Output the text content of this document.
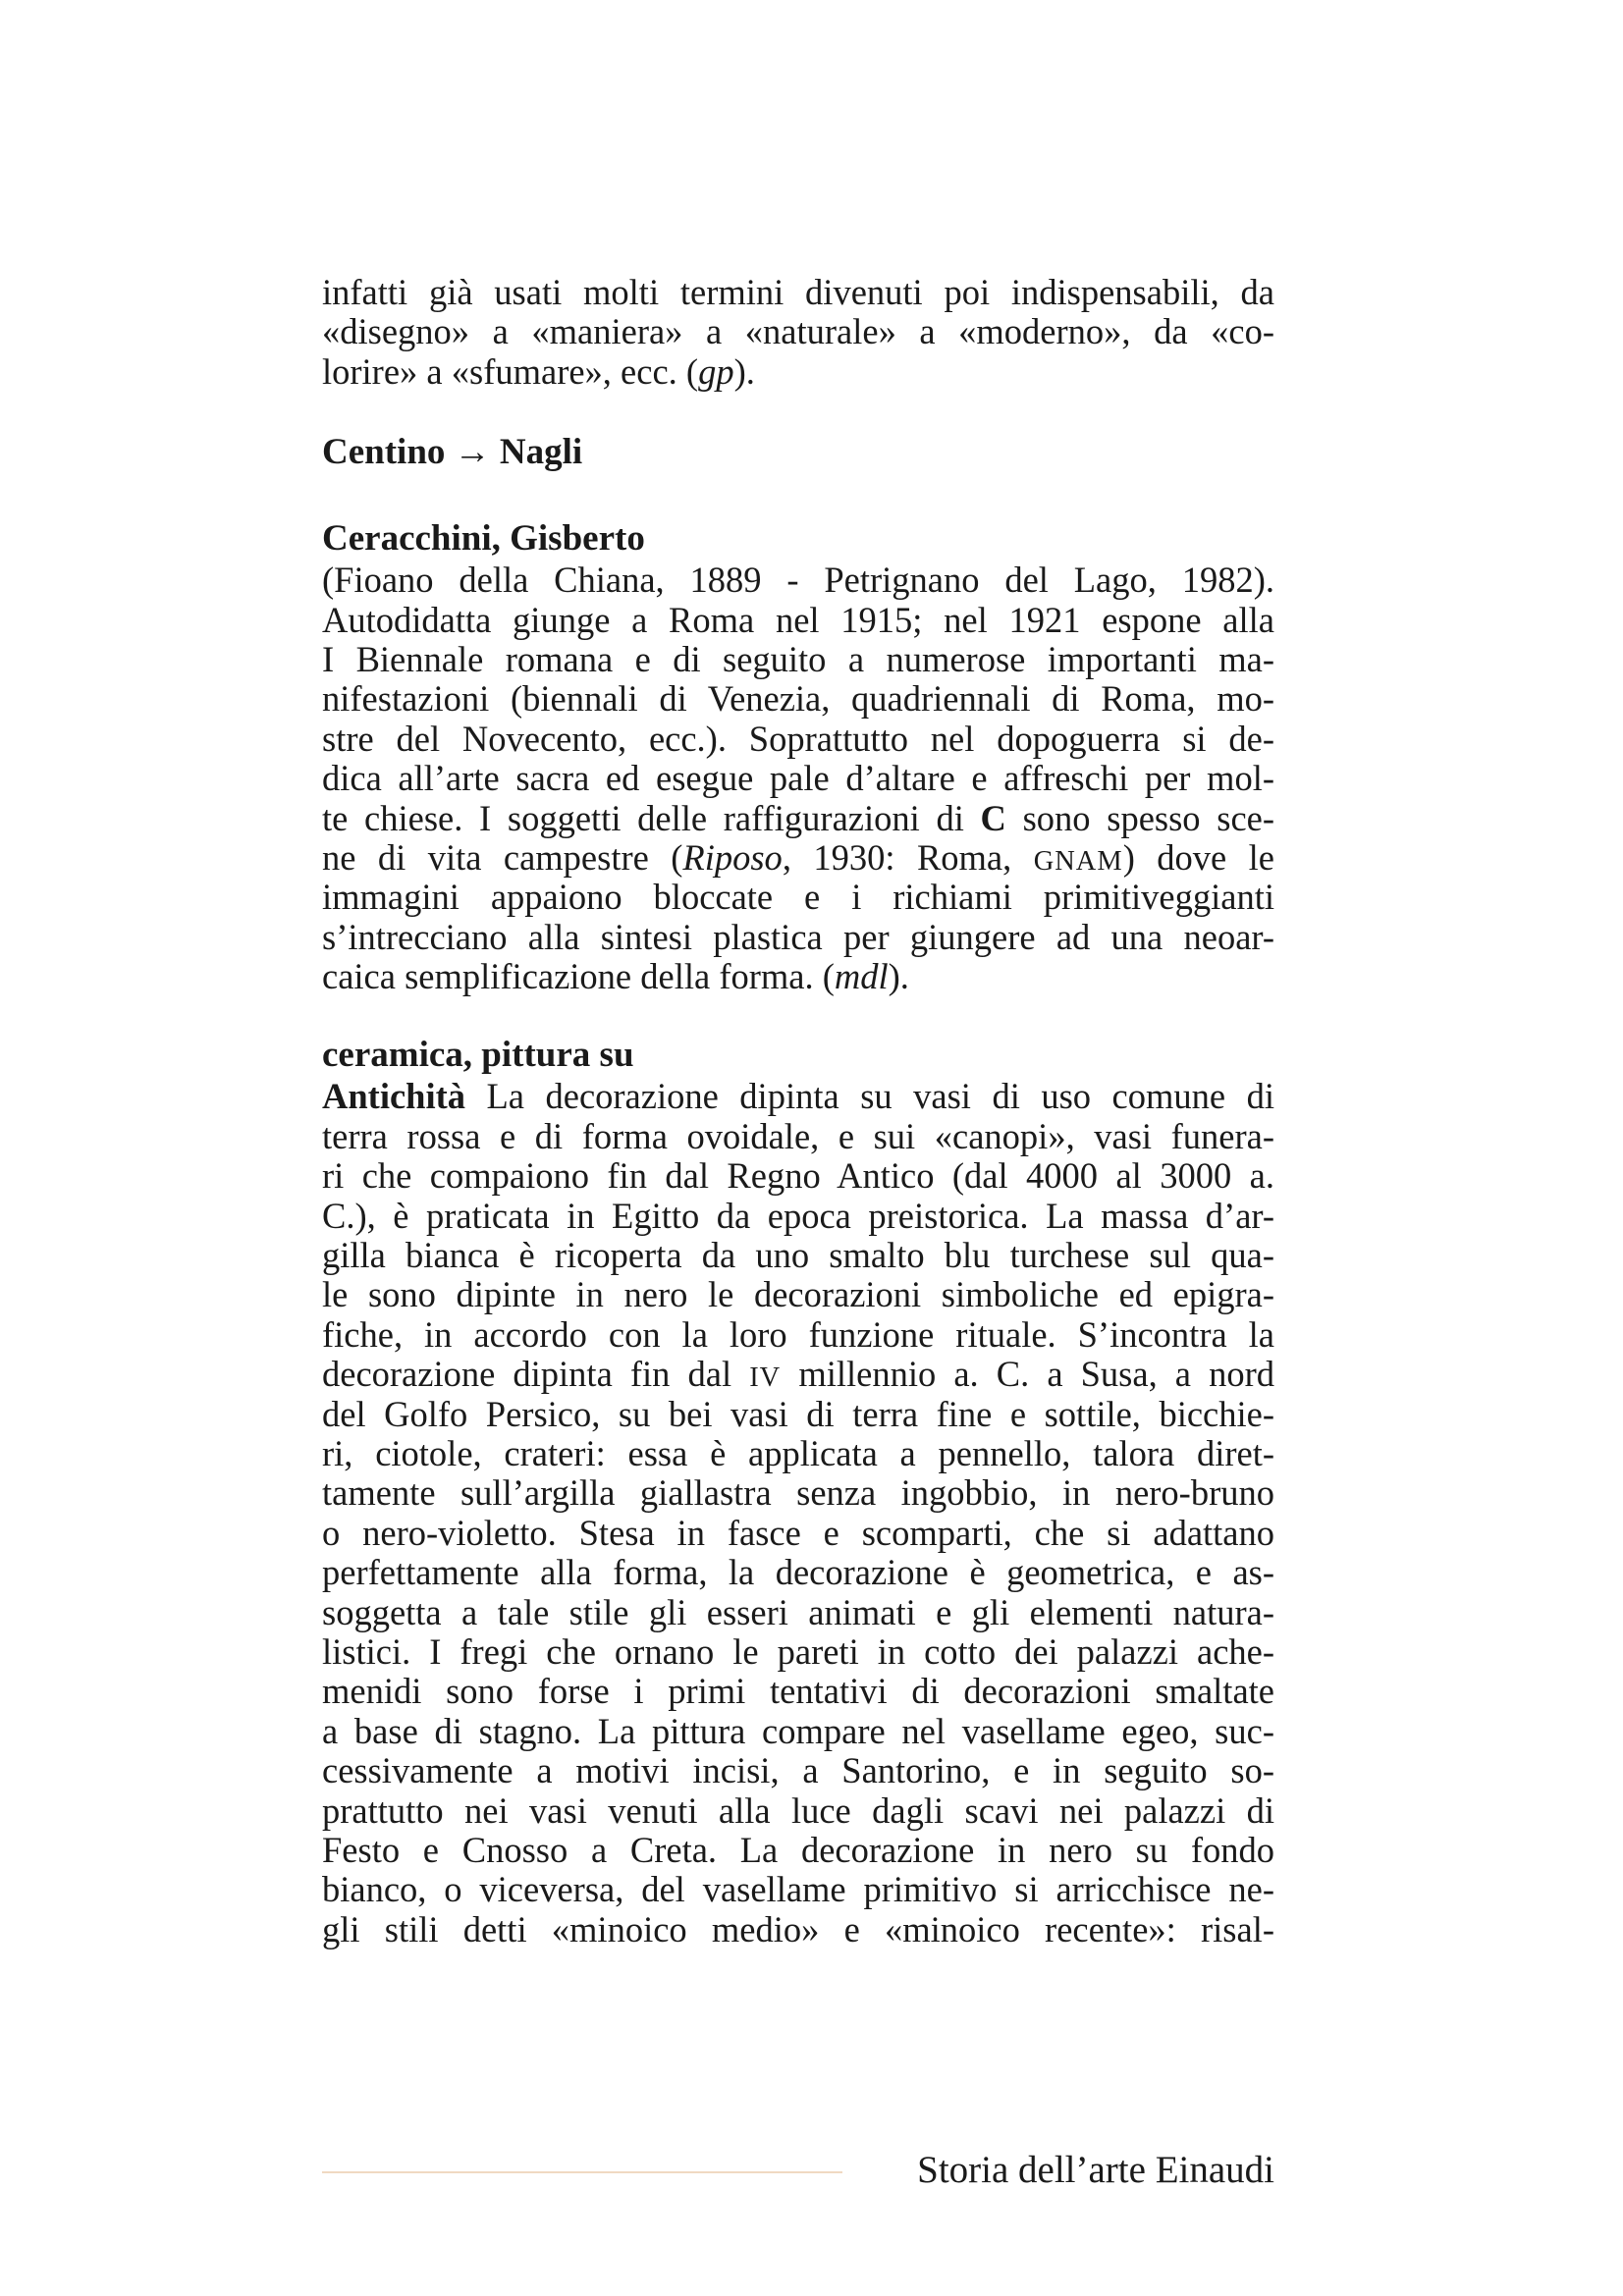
infatti già usati molti termini divenuti poi indispensabili, da
«disegno» a «maniera» a «naturale» a «moderno», da «co-
lorire» a «sfumare», ecc. (gp).
Centino → Nagli
Ceracchini, Gisberto
(Fioano della Chiana, 1889 - Petrignano del Lago, 1982).
Autodidatta giunge a Roma nel 1915; nel 1921 espone alla
I Biennale romana e di seguito a numerose importanti ma-
nifestazioni (biennali di Venezia, quadriennali di Roma, mo-
stre del Novecento, ecc.). Soprattutto nel dopoguerra si de-
dica all’arte sacra ed esegue pale d’altare e affreschi per mol-
te chiese. I soggetti delle raffigurazioni di C sono spesso sce-
ne di vita campestre (Riposo, 1930: Roma, GNAM) dove le
immagini appaiono bloccate e i richiami primitiveggianti
s’intrecciano alla sintesi plastica per giungere ad una neoar-
caica semplificazione della forma. (mdl).
ceramica, pittura su
Antichità La decorazione dipinta su vasi di uso comune di
terra rossa e di forma ovoidale, e sui «canopi», vasi funera-
ri che compaiono fin dal Regno Antico (dal 4000 al 3000 a.
C.), è praticata in Egitto da epoca preistorica. La massa d’ar-
gilla bianca è ricoperta da uno smalto blu turchese sul qua-
le sono dipinte in nero le decorazioni simboliche ed epigra-
fiche, in accordo con la loro funzione rituale. S’incontra la
decorazione dipinta fin dal IV millennio a. C. a Susa, a nord
del Golfo Persico, su bei vasi di terra fine e sottile, bicchie-
ri, ciotole, crateri: essa è applicata a pennello, talora diret-
tamente sull’argilla giallastra senza ingobbio, in nero-bruno
o nero-violetto. Stesa in fasce e scomparti, che si adattano
perfettamente alla forma, la decorazione è geometrica, e as-
soggetta a tale stile gli esseri animati e gli elementi natura-
listici. I fregi che ornano le pareti in cotto dei palazzi ache-
menidi sono forse i primi tentativi di decorazioni smaltate
a base di stagno. La pittura compare nel vasellame egeo, suc-
cessivamente a motivi incisi, a Santorino, e in seguito so-
prattutto nei vasi venuti alla luce dagli scavi nei palazzi di
Festo e Cnosso a Creta. La decorazione in nero su fondo
bianco, o viceversa, del vasellame primitivo si arricchisce ne-
gli stili detti «minoico medio» e «minoico recente»: risal-
Storia dell’arte Einaudi
